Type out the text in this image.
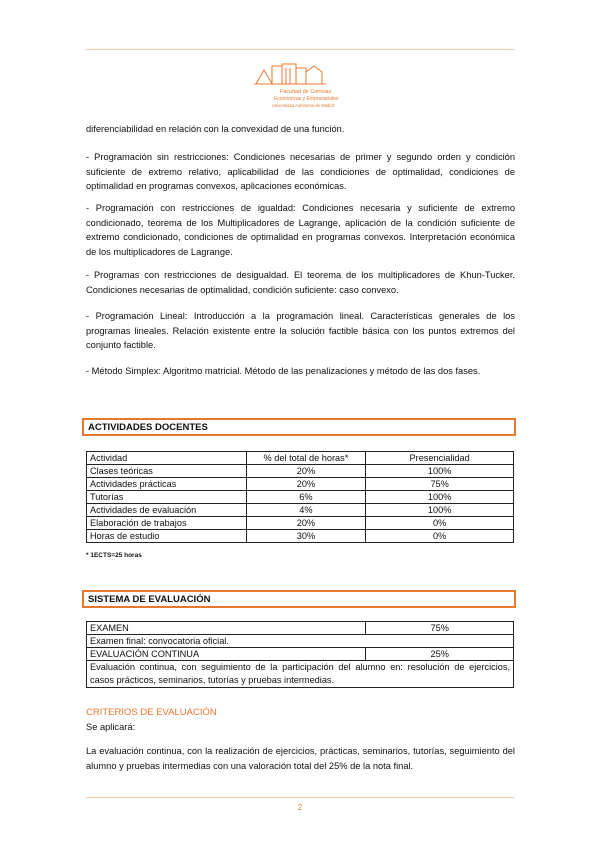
Facultad de Ciencias
Económicas y Empresariales
Universidad Autónoma de Madrid

diferenciabilidad en relación con la convexidad de una función.

- Programación sin restricciones: Condiciones necesarias de primer y segundo orden y condición suficiente de extremo relativo, aplicabilidad de las condiciones de optimalidad, condiciones de optimalidad en programas convexos, aplicaciones económicas.

- Programación con restricciones de igualdad: Condiciones necesaria y suficiente de extremo condicionado, teorema de los Multiplicadores de Lagrange, aplicación de la condición suficiente de extremo condicionado, condiciones de optimalidad en programas convexos. Interpretación económica de los multiplicadores de Lagrange.

- Programas con restricciones de desigualdad. El teorema de los multiplicadores de Khun-Tucker. Condiciones necesarias de optimalidad, condición suficiente: caso convexo.

- Programación Lineal: Introducción a la programación lineal. Características generales de los programas lineales. Relación existente entre la solución factible básica con los puntos extremos del conjunto factible.

- Método Simplex: Algoritmo matricial. Método de las penalizaciones y método de las dos fases.

ACTIVIDADES DOCENTES
Actividad	% del total de horas*	Presencialidad
Clases teóricas	20%	100%
Actividades prácticas	20%	75%
Tutorías	6%	100%
Actividades de evaluación	4%	100%
Elaboración de trabajos	20%	0%
Horas de estudio	30%	0%
* 1ECTS=25 horas
SISTEMA DE EVALUACIÓN
EXAMEN	75%
Examen final: convocatoria oficial.	
EVALUACIÓN CONTINUA	25%
Evaluación continua, con seguimiento de la participación del alumno en: resolución de ejercicios, casos prácticos, seminarios, tutorías y pruebas intermedias.	
CRITERIOS DE EVALUACIÓN

Se aplicará:

La evaluación continua, con la realización de ejercicios, prácticas, seminarios, tutorías, seguimiento del alumno y pruebas intermedias con una valoración total del 25% de la nota final.

2
